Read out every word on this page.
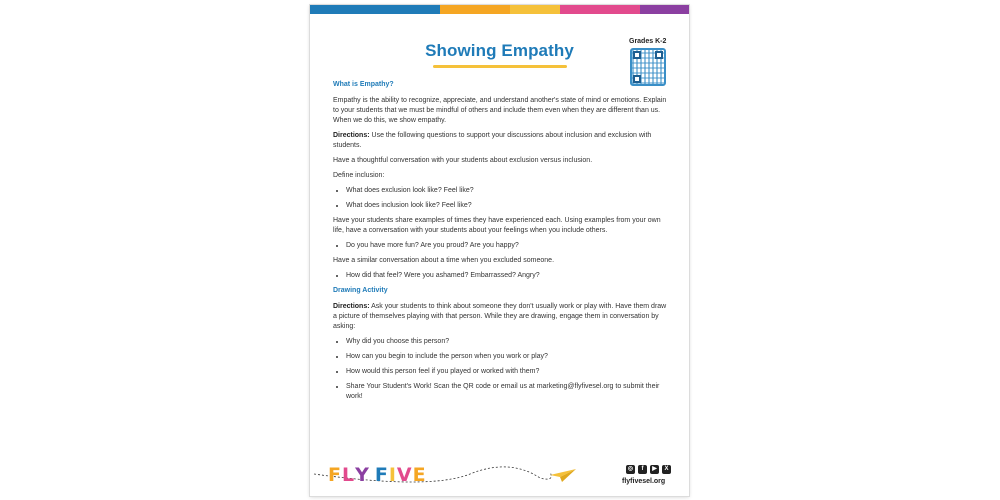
Showing Empathy	Grades K-2
What is Empathy?

Empathy is the ability to recognize, appreciate, and understand another's state of mind or emotions. Explain to your students that we must be mindful of others and include them even when they are different than us. When we do this, we show empathy.

Directions: Use the following questions to support your discussions about inclusion and exclusion with students.

Have a thoughtful conversation with your students about exclusion versus inclusion.

Define inclusion:

• What does exclusion look like? Feel like?
• What does inclusion look like? Feel like?

Have your students share examples of times they have experienced each. Using examples from your own life, have a conversation with your students about your feelings when you include others.

• Do you have more fun? Are you proud? Are you happy?

Have a similar conversation about a time when you excluded someone.

• How did that feel? Were you ashamed? Embarrassed? Angry?
Drawing Activity

Directions: Ask your students to think about someone they don't usually work or play with. Have them draw a picture of themselves playing with that person. While they are drawing, engage them in conversation by asking:

• Why did you choose this person?
• How can you begin to include the person when you work or play?
• How would this person feel if you played or worked with them?
• Share Your Student's Work! Scan the QR code or email us at marketing@flyfivesel.org to submit their work!
FLY FIVE	◎	f	▶	X
flyfivesel.org
